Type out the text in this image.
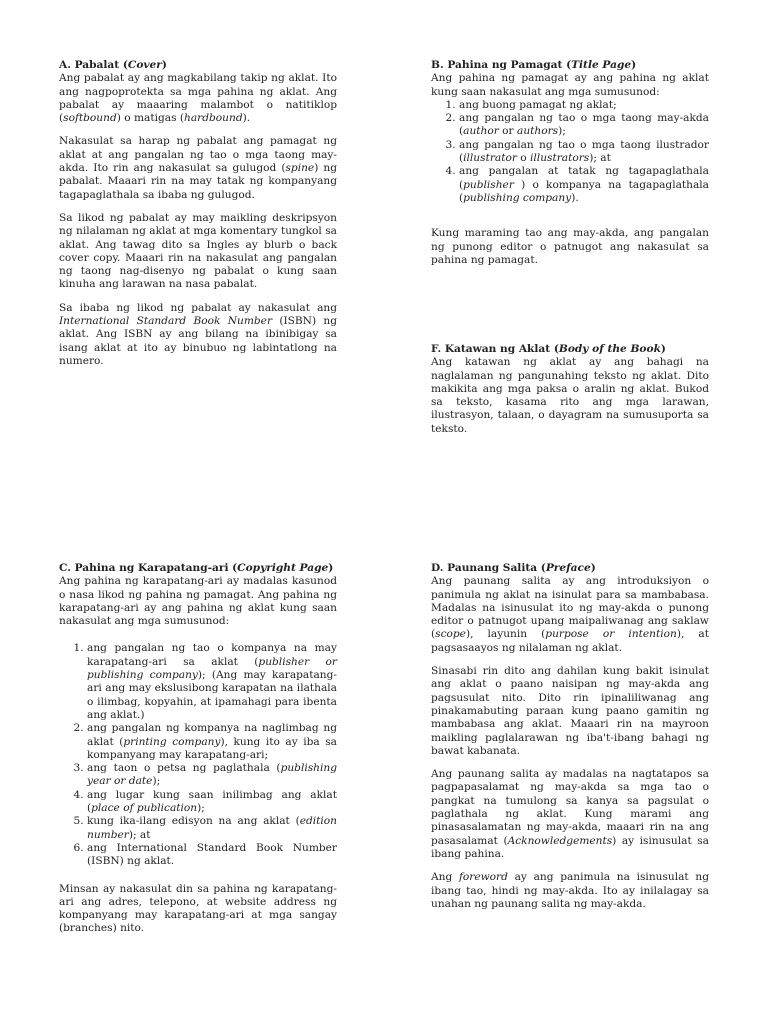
A. Pabalat (Cover)

Ang pabalat ay ang magkabilang takip ng aklat. Ito ang nagpoprotekta sa mga pahina ng aklat. Ang pabalat ay maaaring malambot o natitiklop (softbound) o matigas (hardbound).

Nakasulat sa harap ng pabalat ang pamagat ng aklat at ang pangalan ng tao o mga taong may-akda. Ito rin ang nakasulat sa gulugod (spine) ng pabalat. Maaari rin na may tatak ng kompanyang tagapaglathala sa ibaba ng gulugod.

Sa likod ng pabalat ay may maikling deskripsyon ng nilalaman ng aklat at mga komentary tungkol sa aklat. Ang tawag dito sa Ingles ay blurb o back cover copy. Maaari rin na nakasulat ang pangalan ng taong nag-disenyo ng pabalat o kung saan kinuha ang larawan na nasa pabalat.

Sa ibaba ng likod ng pabalat ay nakasulat ang International Standard Book Number (ISBN) ng aklat. Ang ISBN ay ang bilang na ibinibigay sa isang aklat at ito ay binubuo ng labintatlong na numero.

B. Pahina ng Pamagat (Title Page)

Ang pahina ng pamagat ay ang pahina ng aklat kung saan nakasulat ang mga sumusunod:

1. ang buong pamagat ng aklat;
2. ang pangalan ng tao o mga taong may-akda (author or authors);
3. ang pangalan ng tao o mga taong ilustrador (illustrator o illustrators); at
4. ang pangalan at tatak ng tagapaglathala (publisher ) o kompanya na tagapaglathala (publishing company).

Kung maraming tao ang may-akda, ang pangalan ng punong editor o patnugot ang nakasulat sa pahina ng pamagat.

F. Katawan ng Aklat (Body of the Book)

Ang katawan ng aklat ay ang bahagi na naglalaman ng pangunahing teksto ng aklat. Dito makikita ang mga paksa o aralin ng aklat. Bukod sa teksto, kasama rito ang mga larawan, ilustrasyon, talaan, o dayagram na sumusuporta sa teksto.

C. Pahina ng Karapatang-ari (Copyright Page)

Ang pahina ng karapatang-ari ay madalas kasunod o nasa likod ng pahina ng pamagat. Ang pahina ng karapatang-ari ay ang pahina ng aklat kung saan nakasulat ang mga sumusunod:

1. ang pangalan ng tao o kompanya na may karapatang-ari sa aklat (publisher or publishing company); (Ang may karapatang-ari ang may ekslusibong karapatan na ilathala o ilimbag, kopyahin, at ipamahagi para ibenta ang aklat.)
2. ang pangalan ng kompanya na naglimbag ng aklat (printing company), kung ito ay iba sa kompanyang may karapatang-ari;
3. ang taon o petsa ng paglathala (publishing year or date);
4. ang lugar kung saan inilimbag ang aklat (place of publication);
5. kung ika-ilang edisyon na ang aklat (edition number); at
6. ang International Standard Book Number (ISBN) ng aklat.

Minsan ay nakasulat din sa pahina ng karapatang-ari ang adres, telepono, at website address ng kompanyang may karapatang-ari at mga sangay (branches) nito.

D. Paunang Salita (Preface)

Ang paunang salita ay ang introduksiyon o panimula ng aklat na isinulat para sa mambabasa. Madalas na isinusulat ito ng may-akda o punong editor o patnugot upang maipaliwanag ang saklaw (scope), layunin (purpose or intention), at pagsasaayos ng nilalaman ng aklat.

Sinasabi rin dito ang dahilan kung bakit isinulat ang aklat o paano naisipan ng may-akda ang pagsusulat nito. Dito rin ipinaliliwanag ang pinakamabuting paraan kung paano gamitin ng mambabasa ang aklat. Maaari rin na mayroon maikling paglalarawan ng iba't-ibang bahagi ng bawat kabanata.

Ang paunang salita ay madalas na nagtatapos sa pagpapasalamat ng may-akda sa mga tao o pangkat na tumulong sa kanya sa pagsulat o paglathala ng aklat. Kung marami ang pinasasalamatan ng may-akda, maaari rin na ang pasasalamat (Acknowledgements) ay isinusulat sa ibang pahina.

Ang foreword ay ang panimula na isinusulat ng ibang tao, hindi ng may-akda. Ito ay inilalagay sa unahan ng paunang salita ng may-akda.
